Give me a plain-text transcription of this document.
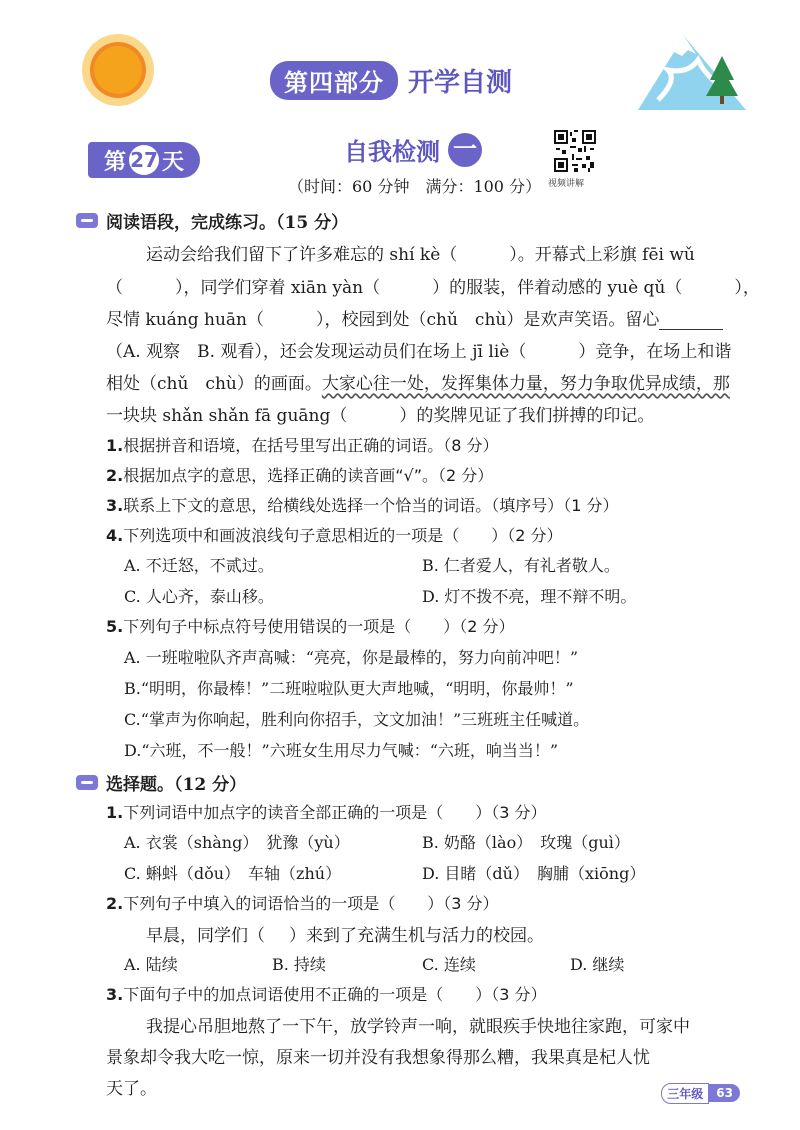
第四部分 开学自测
第 27 天	自我检测 一
视频讲解
（时间：60 分钟　满分：100 分）
阅读语段，完成练习。（15 分）
运动会给我们留下了许多难忘的 shí kè（	）。开幕式上彩旗 fēi wǔ
（	），同学们穿着 xiān yàn（	）的服装，伴着动感的 yuè qǔ（	），
尽情 kuáng huān（	），校园到处（chǔ　chù）是欢声笑语。留心
（A. 观察　B. 观看），还会发现运动员们在场上 jī liè（	）竞争，在场上和谐
相处（chǔ　chù）的画面。大家心往一处，发挥集体力量，努力争取优异成绩，那
一块块 shǎn shǎn fā guāng（	）的奖牌见证了我们拼搏的印记。
1.根据拼音和语境，在括号里写出正确的词语。（8 分）
2.根据加点字的意思，选择正确的读音画“√”。（2 分）
3.联系上下文的意思，给横线处选择一个恰当的词语。（填序号）（1 分）
4.下列选项中和画波浪线句子意思相近的一项是（　　）（2 分）
A. 不迁怒，不贰过。	B. 仁者爱人，有礼者敬人。
C. 人心齐，泰山移。	D. 灯不拨不亮，理不辩不明。
5.下列句子中标点符号使用错误的一项是（　　）（2 分）
A. 一班啦啦队齐声高喊：“亮亮，你是最棒的，努力向前冲吧！”
B.“明明，你最棒！”二班啦啦队更大声地喊，“明明，你最帅！”
C.“掌声为你响起，胜利向你招手，文文加油！”三班班主任喊道。
D.“六班，不一般！”六班女生用尽力气喊：“六班，响当当！”
选择题。（12 分）
1.下列词语中加点字的读音全部正确的一项是（　　）（3 分）
A. 衣裳（shàng）　 犹豫（yù）	B. 奶酪（lào）　 玫瑰（guì）
C. 蝌蚪（dǒu）　 车轴（zhú）	D. 目睹（dǔ）　 胸脯（xiōng）
2.下列句子中填入的词语恰当的一项是（　　）（3 分）
早晨，同学们（ ）来到了充满生机与活力的校园。
A. 陆续	B. 持续	C. 连续	D. 继续
3.下面句子中的加点词语使用不正确的一项是（　　）（3 分）
我提心吊胆地熬了一下午，放学铃声一响，就眼疾手快地往家跑，可家中
景象却令我大吃一惊，原来一切并没有我想象得那么糟，我果真是杞人忧
天了。	三年级	63
